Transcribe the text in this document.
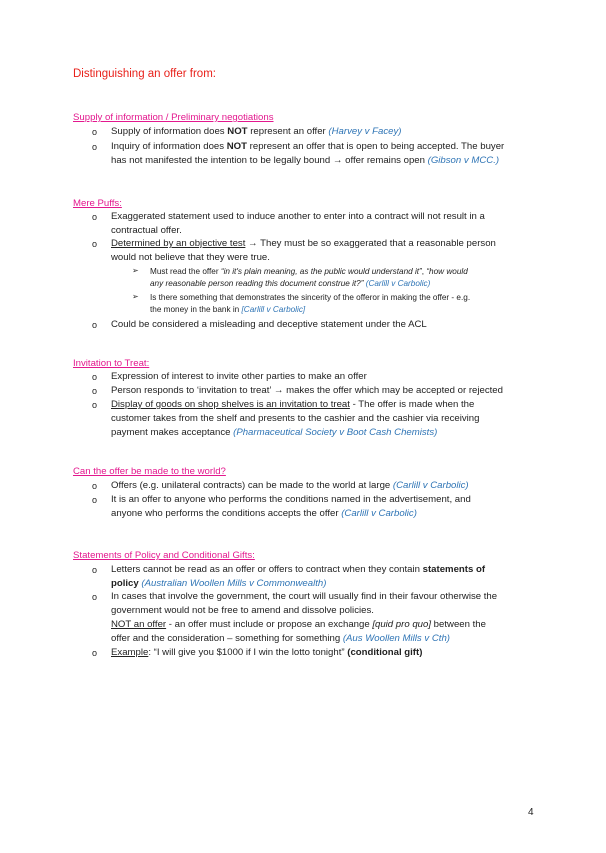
Distinguishing an offer from:
Supply of information / Preliminary negotiations
o Supply of information does NOT represent an offer (Harvey v Facey)
o Inquiry of information does NOT represent an offer that is open to being accepted. The buyer
has not manifested the intention to be legally bound → offer remains open (Gibson v MCC.)
Mere Puffs:
o Exaggerated statement used to induce another to enter into a contract will not result in a
contractual offer.
o Determined by an objective test → They must be so exaggerated that a reasonable person
would not believe that they were true.
➢ Must read the offer “in it's plain meaning, as the public would understand it”, “how would
any reasonable person reading this document construe it?” (Carlill v Carbolic)
➢ Is there something that demonstrates the sincerity of the offeror in making the offer - e.g.
the money in the bank in [Carlill v Carbolic]
o Could be considered a misleading and deceptive statement under the ACL
Invitation to Treat:
o Expression of interest to invite other parties to make an offer
o Person responds to ‘invitation to treat’ → makes the offer which may be accepted or rejected
o Display of goods on shop shelves is an invitation to treat - The offer is made when the
customer takes from the shelf and presents to the cashier and the cashier via receiving
payment makes acceptance (Pharmaceutical Society v Boot Cash Chemists)
Can the offer be made to the world?
o Offers (e.g. unilateral contracts) can be made to the world at large (Carlill v Carbolic)
o It is an offer to anyone who performs the conditions named in the advertisement, and
anyone who performs the conditions accepts the offer (Carlill v Carbolic)
Statements of Policy and Conditional Gifts:
o Letters cannot be read as an offer or offers to contract when they contain statements of
policy (Australian Woollen Mills v Commonwealth)
o In cases that involve the government, the court will usually find in their favour otherwise the
government would not be free to amend and dissolve policies.
NOT an offer - an offer must include or propose an exchange [quid pro quo] between the
offer and the consideration – something for something (Aus Woollen Mills v Cth)
o Example: “I will give you $1000 if I win the lotto tonight” (conditional gift)
4
